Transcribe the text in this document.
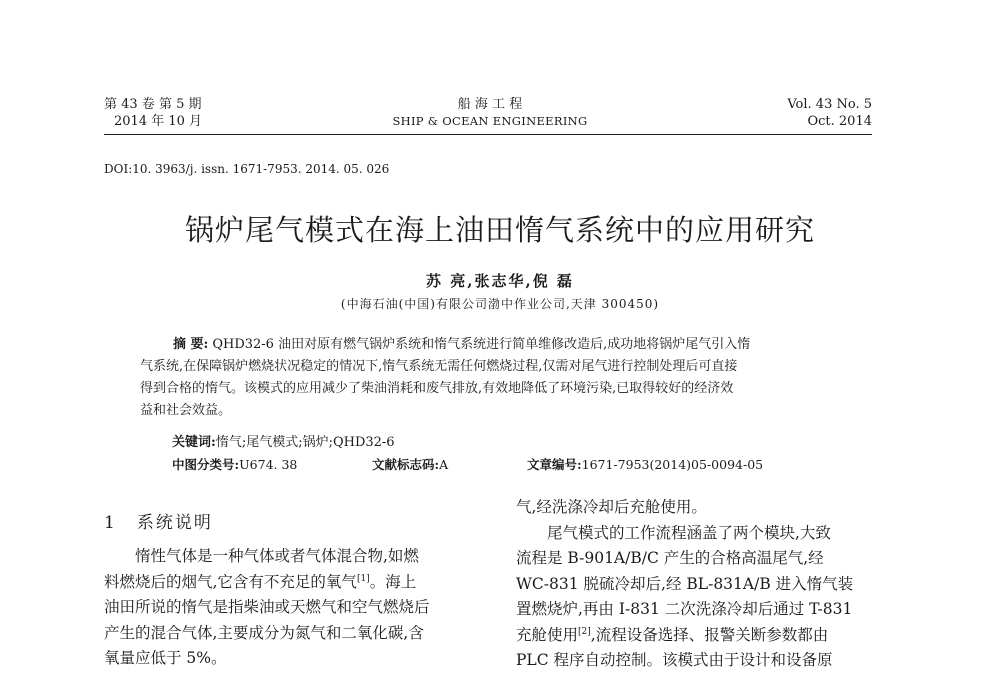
第 43 卷 第 5 期
2014 年 10 月
船 海 工 程
SHIP & OCEAN ENGINEERING
Vol. 43 No. 5
Oct. 2014
DOI:10. 3963/j. issn. 1671-7953. 2014. 05. 026
锅炉尾气模式在海上油田惰气系统中的应用研究
苏 亮,张志华,倪 磊
(中海石油(中国)有限公司渤中作业公司,天津 300450)
摘 要: QHD32-6 油田对原有燃气锅炉系统和惰气系统进行简单维修改造后,成功地将锅炉尾气引入惰
气系统,在保障锅炉燃烧状况稳定的情况下,惰气系统无需任何燃烧过程,仅需对尾气进行控制处理后可直接
得到合格的惰气。该模式的应用减少了柴油消耗和废气排放,有效地降低了环境污染,已取得较好的经济效
益和社会效益。
关键词:惰气;尾气模式;锅炉;QHD32-6
中图分类号:U674. 38	文献标志码:A	文章编号:1671-7953(2014)05-0094-05
1 系统说明
惰性气体是一种气体或者气体混合物,如燃
料燃烧后的烟气,它含有不充足的氧气[1]。海上
油田所说的惰气是指柴油或天燃气和空气燃烧后
产生的混合气体,主要成分为氮气和二氧化碳,含
氧量应低于 5%。
气,经洗涤冷却后充舱使用。
尾气模式的工作流程涵盖了两个模块,大致
流程是 B-901A/B/C 产生的合格高温尾气,经
WC-831 脱硫冷却后,经 BL-831A/B 进入惰气装
置燃烧炉,再由 I-831 二次洗涤冷却后通过 T-831
充舱使用[2],流程设备选择、报警关断参数都由
PLC 程序自动控制。该模式由于设计和设备原
